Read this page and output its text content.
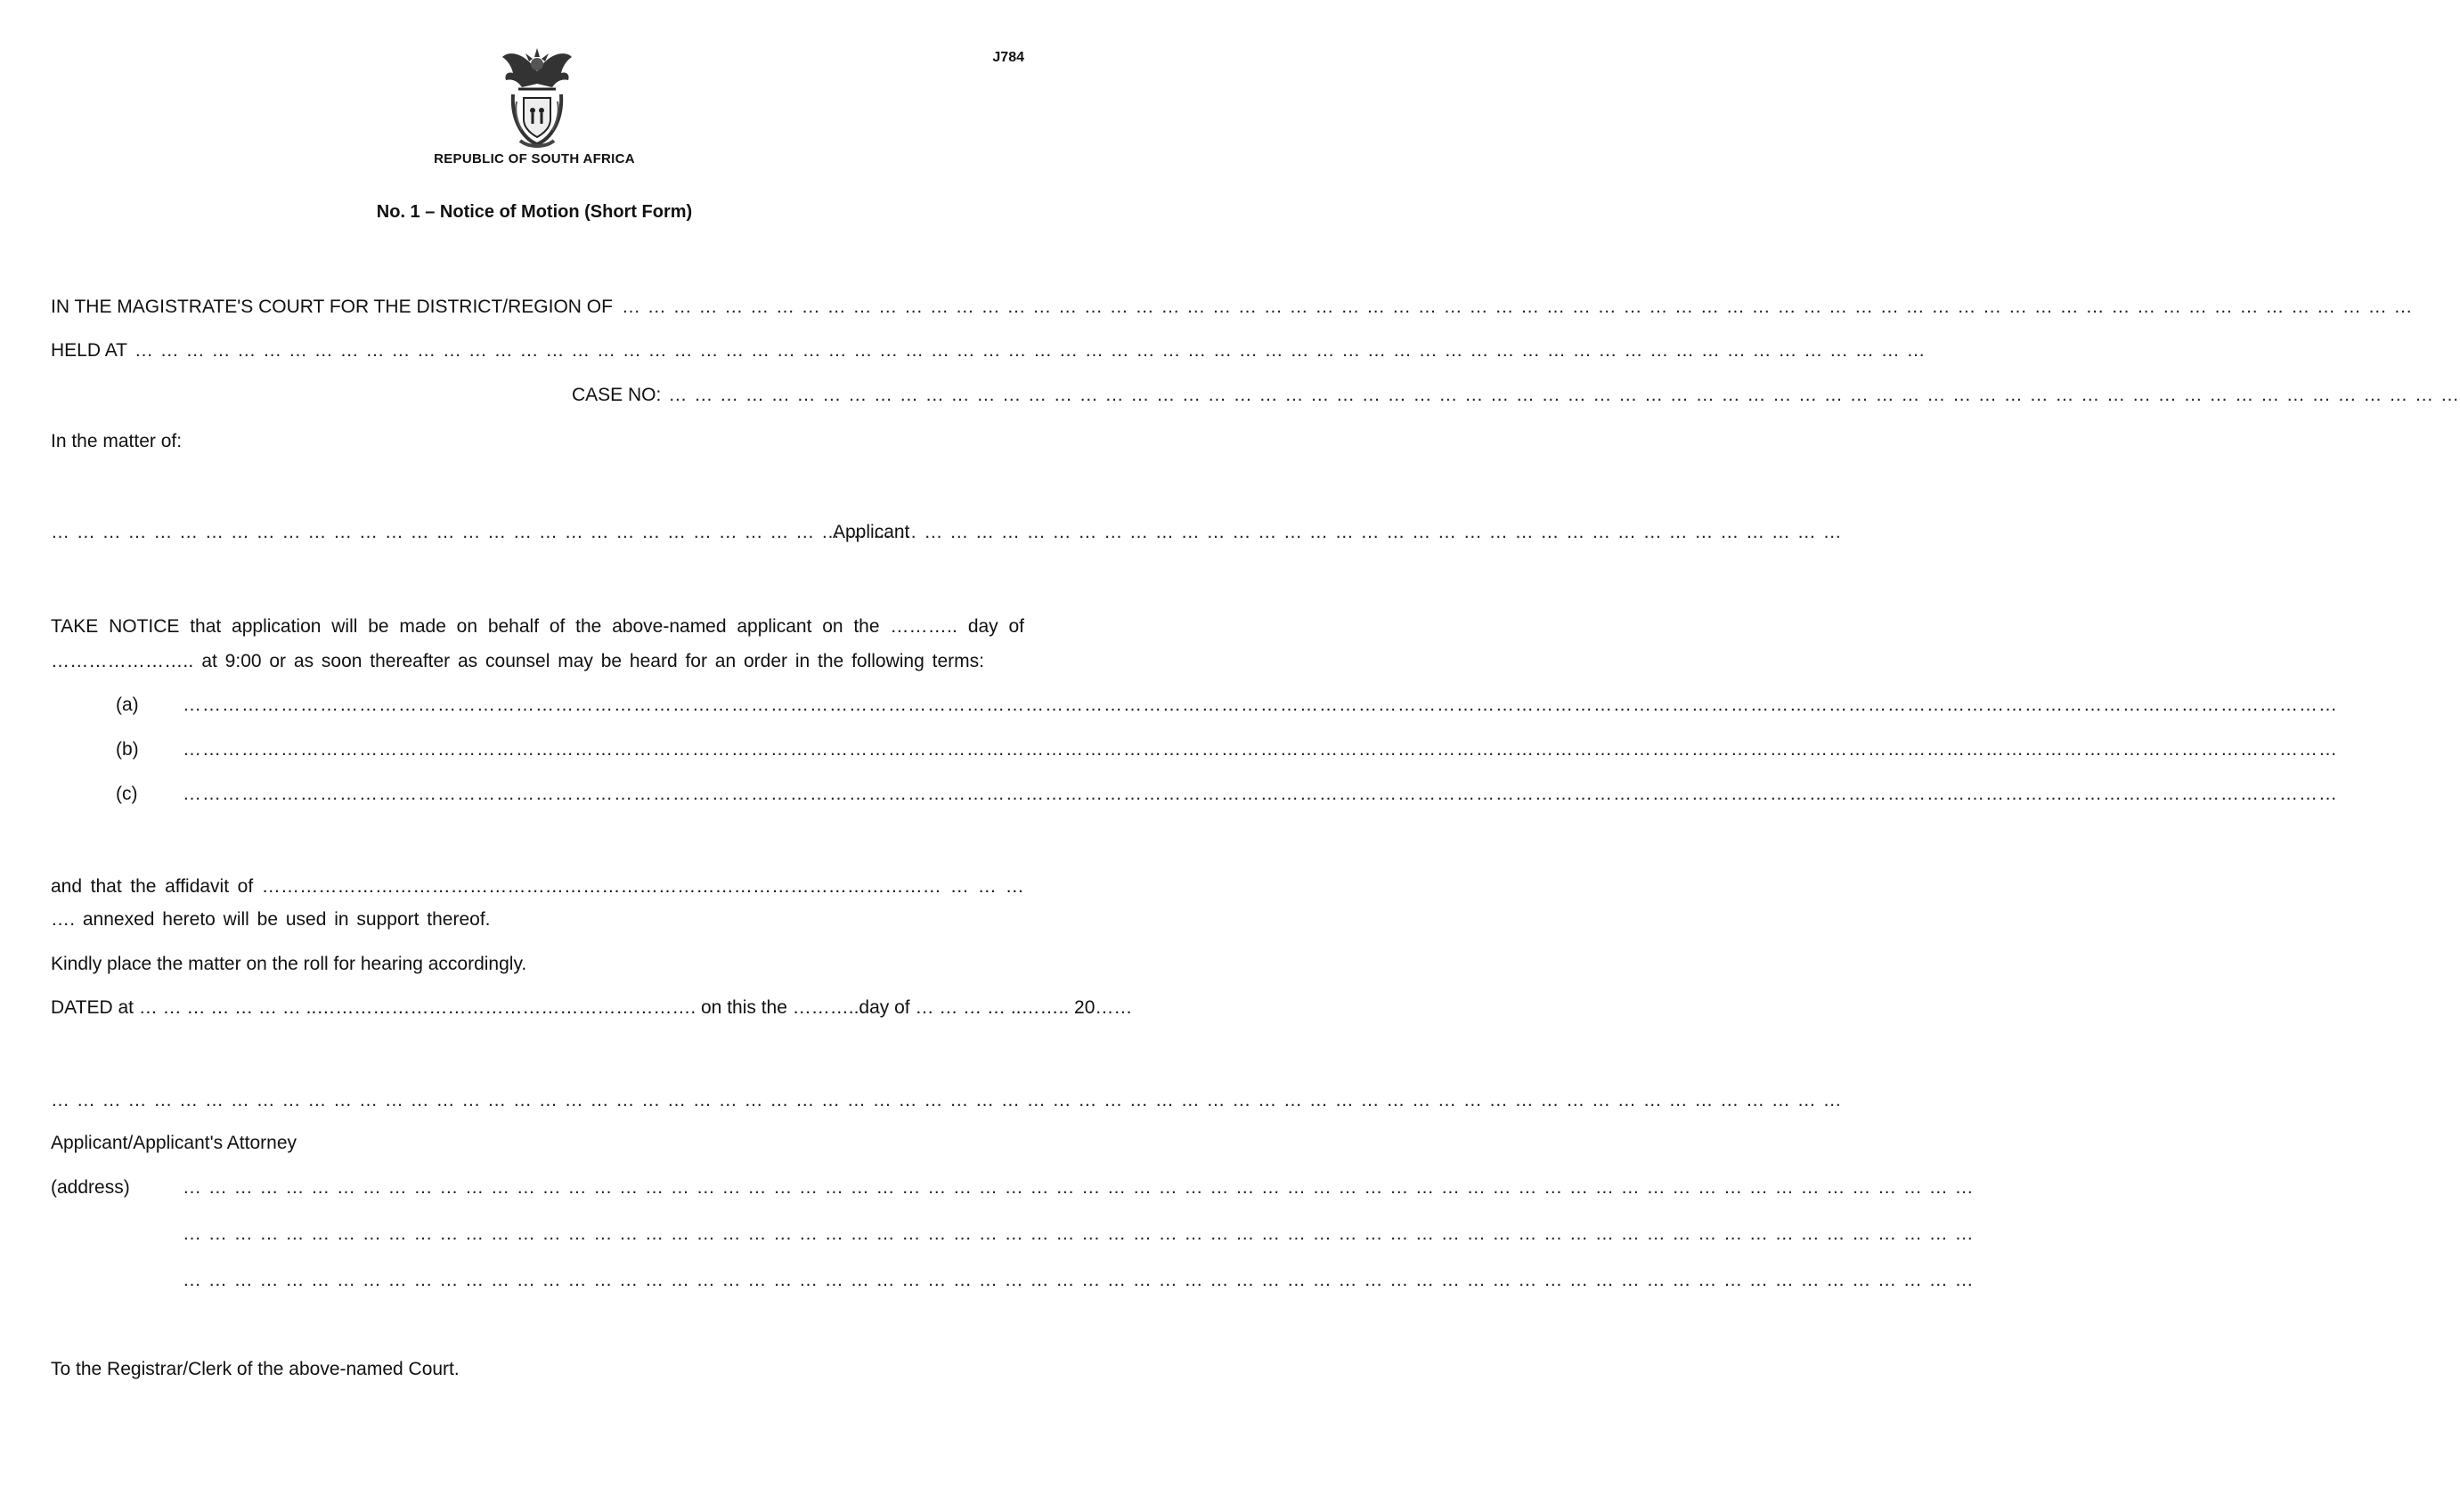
J784
REPUBLIC OF SOUTH AFRICA
No. 1 – Notice of Motion (Short Form)
IN THE MAGISTRATE'S COURT FOR THE DISTRICT/REGION OF
… … … … … … … … … … … … … … … … … … … … … … … … … … … … … … … … … … … … … … … … … … … … … … … … … … … … … … … … … … … … … … … … … … … … … …
HELD AT
… … … … … … … … … … … … … … … … … … … … … … … … … … … … … … … … … … … … … … … … … … … … … … … … … … … … … … … … … … … … … … … … … … … … … …
CASE NO:
… … … … … … … … … … … … … … … … … … … … … … … … … … … … … … … … … … … … … … … … … … … … … … … … … … … … … … … … … … … … … … … … … … … … … …
In the matter of:
… … … … … … … … … … … … … … … … … … … … … … … … … … … … … … … … … … … … … … … … … … … … … … … … … … … … … … … … … … … … … … … … … … … … … …
Applicant
TAKE NOTICE that application will be made on behalf of the above-named applicant on the ……….. day of ………………….. at 9:00 or as soon thereafter as counsel may be heard for an order in the following terms:
(a)
……………………………………………………………………………………………………………………………………………………………………………………………………………………………………………………………………………………………………
(b)
……………………………………………………………………………………………………………………………………………………………………………………………………………………………………………………………………………………………………
(c)
……………………………………………………………………………………………………………………………………………………………………………………………………………………………………………………………………………………………………
and that the affidavit of ……………………………………………………………………………………………… … … … …. annexed hereto will be used in support thereof.
Kindly place the matter on the roll for hearing accordingly.
DATED at … … … … … … … ..……………………………………………………. on this the ………..day of … … … … ..…….. 20……
… … … … … … … … … … … … … … … … … … … … … … … … … … … … … … … … … … … … … … … … … … … … … … … … … … … … … … … … … … … … … … … … … … … … … …
Applicant/Applicant's Attorney
(address)
… … … … … … … … … … … … … … … … … … … … … … … … … … … … … … … … … … … … … … … … … … … … … … … … … … … … … … … … … … … … … … … … … … … … … …
… … … … … … … … … … … … … … … … … … … … … … … … … … … … … … … … … … … … … … … … … … … … … … … … … … … … … … … … … … … … … … … … … … … … … …
… … … … … … … … … … … … … … … … … … … … … … … … … … … … … … … … … … … … … … … … … … … … … … … … … … … … … … … … … … … … … … … … … … … … … …
To the Registrar/Clerk of the above-named Court.
